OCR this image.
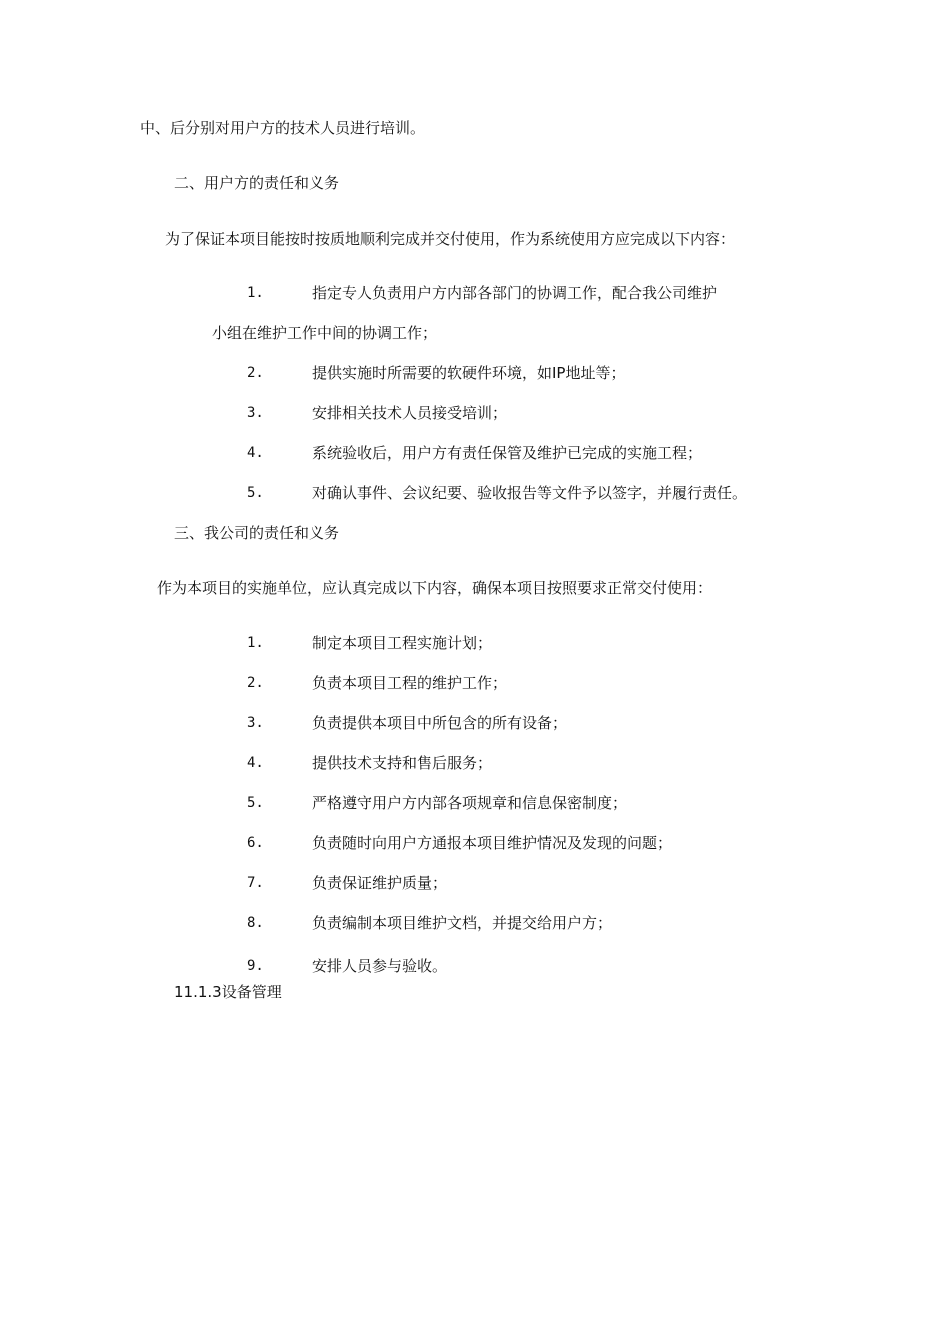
中、后分别对用户方的技术人员进行培训。
二、用户方的责任和义务
为了保证本项目能按时按质地顺利完成并交付使用，作为系统使用方应完成以下内容：
1.	指定专人负责用户方内部各部门的协调工作，配合我公司维护
小组在维护工作中间的协调工作；
2.	提供实施时所需要的软硬件环境，如IP地址等；
3.	安排相关技术人员接受培训；
4.	系统验收后，用户方有责任保管及维护已完成的实施工程；
5.	对确认事件、会议纪要、验收报告等文件予以签字，并履行责任。
三、我公司的责任和义务
作为本项目的实施单位，应认真完成以下内容，确保本项目按照要求正常交付使用：
1.	制定本项目工程实施计划；
2.	负责本项目工程的维护工作；
3.	负责提供本项目中所包含的所有设备；
4.	提供技术支持和售后服务；
5.	严格遵守用户方内部各项规章和信息保密制度；
6.	负责随时向用户方通报本项目维护情况及发现的问题；
7.	负责保证维护质量；
8.	负责编制本项目维护文档，并提交给用户方；
9.	安排人员参与验收。
11.1.3设备管理
